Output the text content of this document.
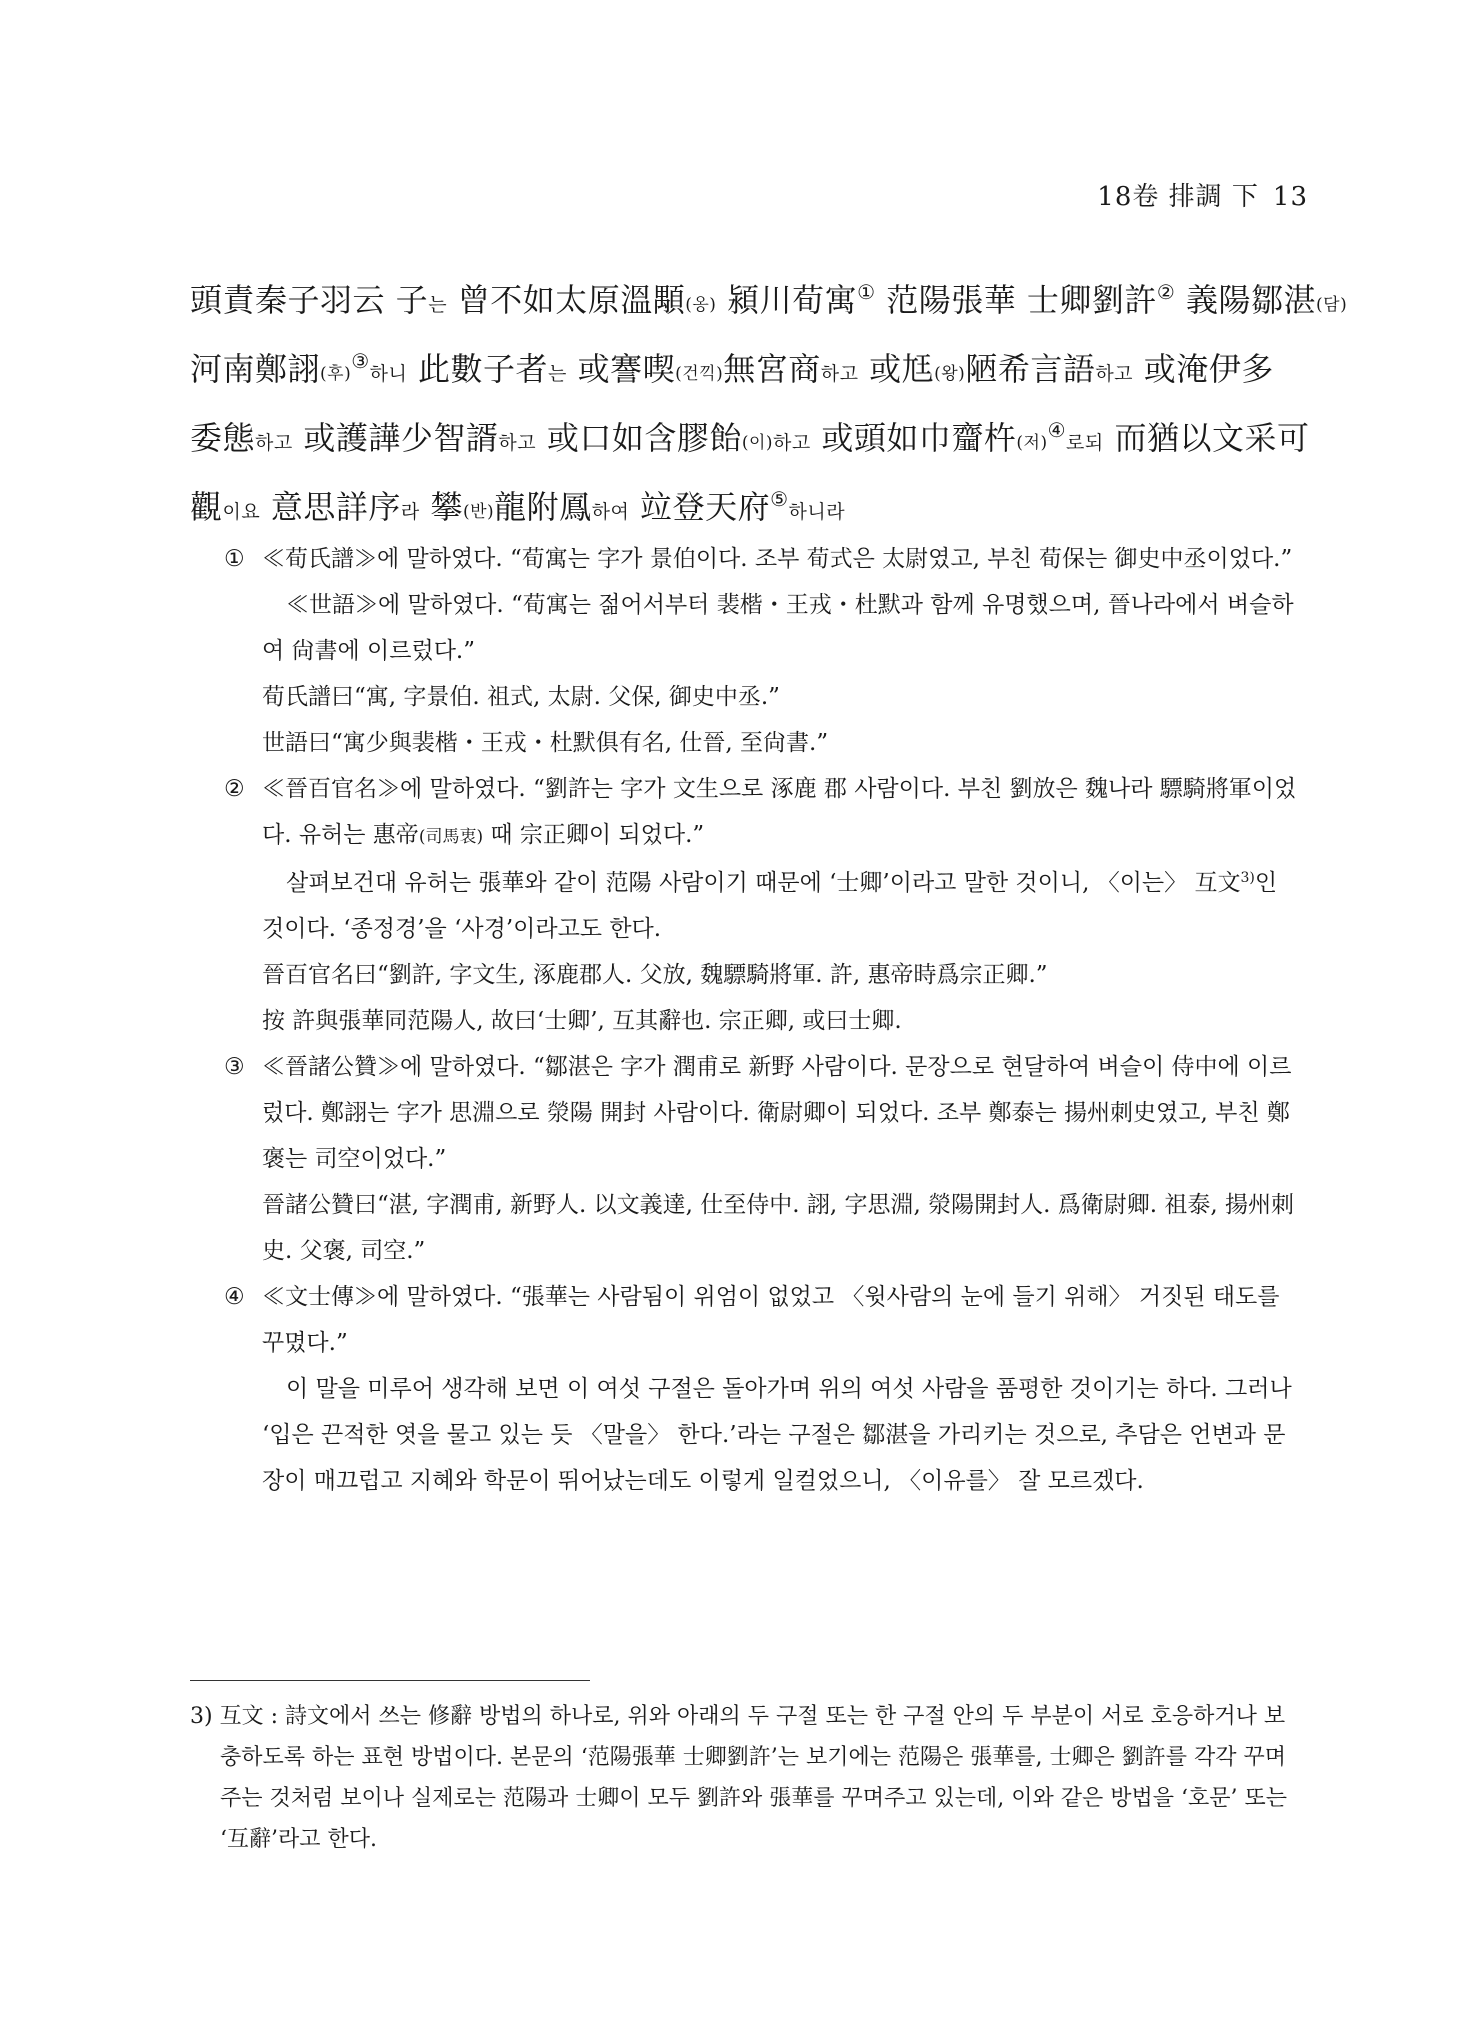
18卷 排調 下 13

頭責秦子羽云 子는 曾不如太原溫顒(옹) 潁川荀寓① 范陽張華 士卿劉許② 義陽鄒湛(담)

河南鄭詡(후)③하니 此數子者는 或謇喫(건끽)無宮商하고 或尪(왕)陋希言語하고 或淹伊多

委態하고 或護譁少智諝하고 或口如含膠飴(이)하고 或頭如巾齏杵(저)④로되 而猶以文采可

觀이요 意思詳序라 攀(반)龍附鳳하여 竝登天府⑤하니라

① ≪荀氏譜≫에 말하였다. “荀寓는 字가 景伯이다. 조부 荀式은 太尉였고, 부친 荀保는 御史中丞이었다.”

≪世語≫에 말하였다. “荀寓는 젊어서부터 裴楷・王戎・杜默과 함께 유명했으며, 晉나라에서 벼슬하여 尙書에 이르렀다.”

荀氏譜曰“寓, 字景伯. 祖式, 太尉. 父保, 御史中丞.”

世語曰“寓少與裴楷・王戎・杜默俱有名, 仕晉, 至尙書.”

② ≪晉百官名≫에 말하였다. “劉許는 字가 文生으로 涿鹿 郡 사람이다. 부친 劉放은 魏나라 驃騎將軍이었다. 유허는 惠帝(司馬衷) 때 宗正卿이 되었다.”

살펴보건대 유허는 張華와 같이 范陽 사람이기 때문에 ‘士卿’이라고 말한 것이니, 〈이는〉 互文$^{3)}$인 것이다. ‘종정경’을 ‘사경’이라고도 한다.

晉百官名曰“劉許, 字文生, 涿鹿郡人. 父放, 魏驃騎將軍. 許, 惠帝時爲宗正卿.”

按 許與張華同范陽人, 故曰‘士卿’, 互其辭也. 宗正卿, 或曰士卿.

③ ≪晉諸公贊≫에 말하였다. “鄒湛은 字가 潤甫로 新野 사람이다. 문장으로 현달하여 벼슬이 侍中에 이르렀다. 鄭詡는 字가 思淵으로 滎陽 開封 사람이다. 衛尉卿이 되었다. 조부 鄭泰는 揚州刺史였고, 부친 鄭褒는 司空이었다.”

晉諸公贊曰“湛, 字潤甫, 新野人. 以文義達, 仕至侍中. 詡, 字思淵, 滎陽開封人. 爲衛尉卿. 祖泰, 揚州刺史. 父褒, 司空.”

④ ≪文士傳≫에 말하였다. “張華는 사람됨이 위엄이 없었고 〈윗사람의 눈에 들기 위해〉 거짓된 태도를 꾸몄다.”

이 말을 미루어 생각해 보면 이 여섯 구절은 돌아가며 위의 여섯 사람을 품평한 것이기는 하다. 그러나 ‘입은 끈적한 엿을 물고 있는 듯 〈말을〉 한다.’라는 구절은 鄒湛을 가리키는 것으로, 추담은 언변과 문장이 매끄럽고 지혜와 학문이 뛰어났는데도 이렇게 일컬었으니, 〈이유를〉 잘 모르겠다.

3) 互文 : 詩文에서 쓰는 修辭 방법의 하나로, 위와 아래의 두 구절 또는 한 구절 안의 두 부분이 서로 호응하거나 보충하도록 하는 표현 방법이다. 본문의 ‘范陽張華 士卿劉許’는 보기에는 范陽은 張華를, 士卿은 劉許를 각각 꾸며주는 것처럼 보이나 실제로는 范陽과 士卿이 모두 劉許와 張華를 꾸며주고 있는데, 이와 같은 방법을 ‘호문’ 또는 ‘互辭’라고 한다.
